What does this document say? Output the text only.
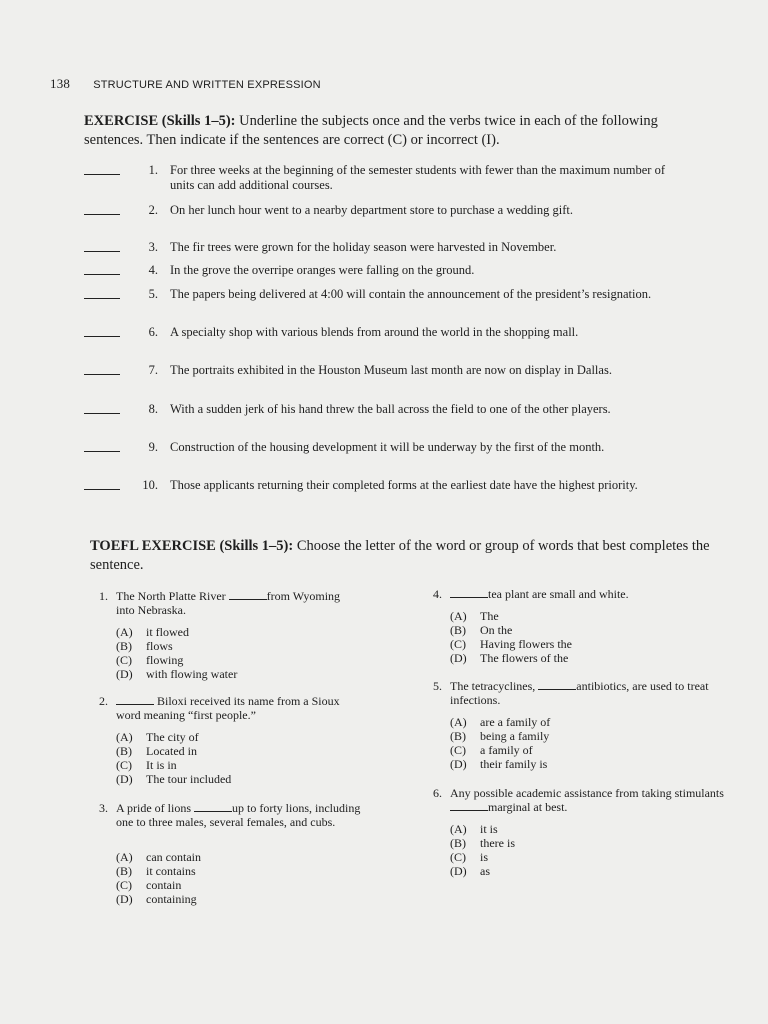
138 STRUCTURE AND WRITTEN EXPRESSION
EXERCISE (Skills 1–5): Underline the subjects once and the verbs twice in each of the following sentences. Then indicate if the sentences are correct (C) or incorrect (I).
1. For three weeks at the beginning of the semester students with fewer than the maximum number of units can add additional courses.
2. On her lunch hour went to a nearby department store to purchase a wedding gift.
3. The fir trees were grown for the holiday season were harvested in November.
4. In the grove the overripe oranges were falling on the ground.
5. The papers being delivered at 4:00 will contain the announcement of the president’s resignation.
6. A specialty shop with various blends from around the world in the shopping mall.
7. The portraits exhibited in the Houston Museum last month are now on display in Dallas.
8. With a sudden jerk of his hand threw the ball across the field to one of the other players.
9. Construction of the housing development it will be underway by the first of the month.
10. Those applicants returning their completed forms at the earliest date have the highest priority.
TOEFL EXERCISE (Skills 1–5): Choose the letter of the word or group of words that best completes the sentence.
1. The North Platte River	from Wyoming into Nebraska.
(A) it flowed
(B) flows
(C) flowing
(D) with flowing water
2.	Biloxi received its name from a Sioux word meaning “first people.”
(A) The city of
(B) Located in
(C) It is in
(D) The tour included
3. A pride of lions	up to forty lions, including one to three males, several females, and cubs.
(A) can contain
(B) it contains
(C) contain
(D) containing
4.	tea plant are small and white.
(A) The
(B) On the
(C) Having flowers the
(D) The flowers of the
5. The tetracyclines,	antibiotics, are used to treat infections.
(A) are a family of
(B) being a family
(C) a family of
(D) their family is
6. Any possible academic assistance from taking stimulants marginal at best.
(A) it is
(B) there is
(C) is
(D) as
